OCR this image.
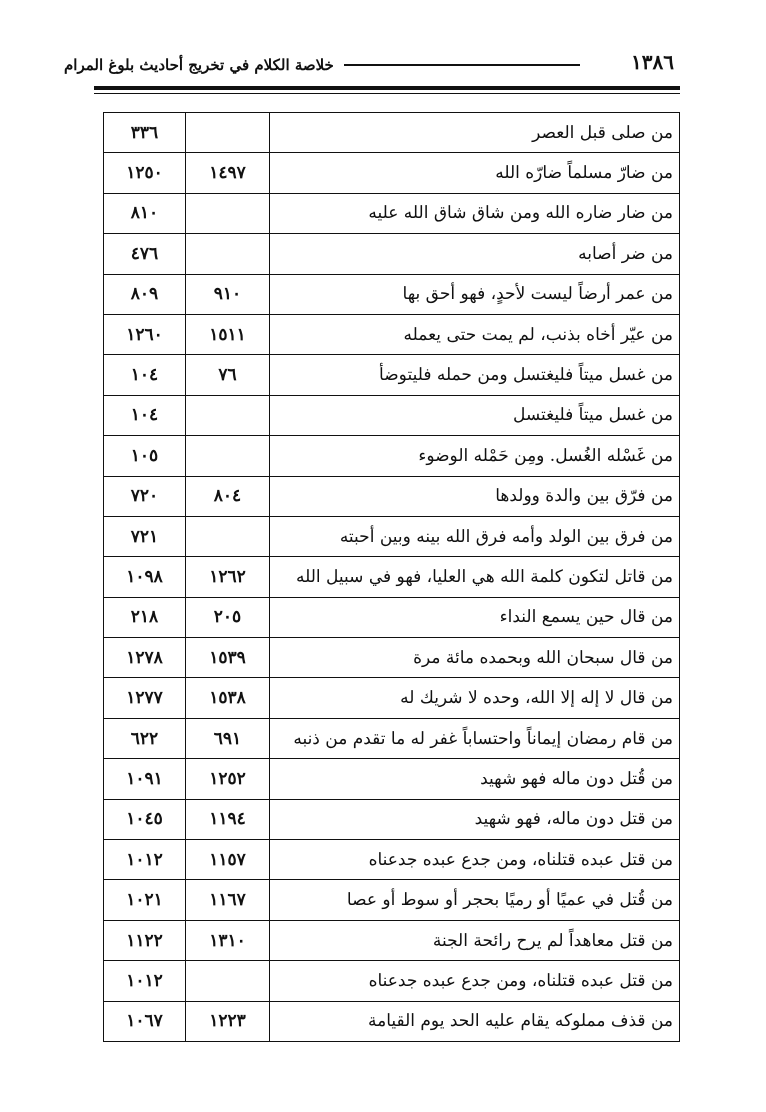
خلاصة الكلام في تخريج أحاديث بلوغ المرام	١٣٨٦
٣٣٦		من صلى قبل العصر
١٢٥٠	١٤٩٧	من ضارّ مسلماً ضارّه الله
٨١٠		من ضار ضاره الله ومن شاق شاق الله عليه
٤٧٦		من ضر أصابه
٨٠٩	٩١٠	من عمر أرضاً ليست لأحدٍ، فهو أحق بها
١٢٦٠	١٥١١	من عيّر أخاه بذنب، لم يمت حتى يعمله
١٠٤	٧٦	من غسل ميتاً فليغتسل ومن حمله فليتوضأ
١٠٤		من غسل ميتاً فليغتسل
١٠٥		من غَسْله الغُسل. ومِن حَمْله الوضوء
٧٢٠	٨٠٤	من فرّق بين والدة وولدها
٧٢١		من فرق بين الولد وأمه فرق الله بينه وبين أحبته
١٠٩٨	١٢٦٢	من قاتل لتكون كلمة الله هي العليا، فهو في سبيل الله
٢١٨	٢٠٥	من قال حين يسمع النداء
١٢٧٨	١٥٣٩	من قال سبحان الله وبحمده مائة مرة
١٢٧٧	١٥٣٨	من قال لا إله إلا الله، وحده لا شريك له
٦٢٢	٦٩١	من قام رمضان إيماناً واحتساباً غفر له ما تقدم من ذنبه
١٠٩١	١٢٥٢	من قُتل دون ماله فهو شهيد
١٠٤٥	١١٩٤	من قتل دون ماله، فهو شهيد
١٠١٢	١١٥٧	من قتل عبده قتلناه، ومن جدع عبده جدعناه
١٠٢١	١١٦٧	من قُتل في عميًا أو رميًا بحجر أو سوط أو عصا
١١٢٢	١٣١٠	من قتل معاهداً لم يرح رائحة الجنة
١٠١٢		من قتل عبده قتلناه، ومن جدع عبده جدعناه
١٠٦٧	١٢٢٣	من قذف مملوكه يقام عليه الحد يوم القيامة
